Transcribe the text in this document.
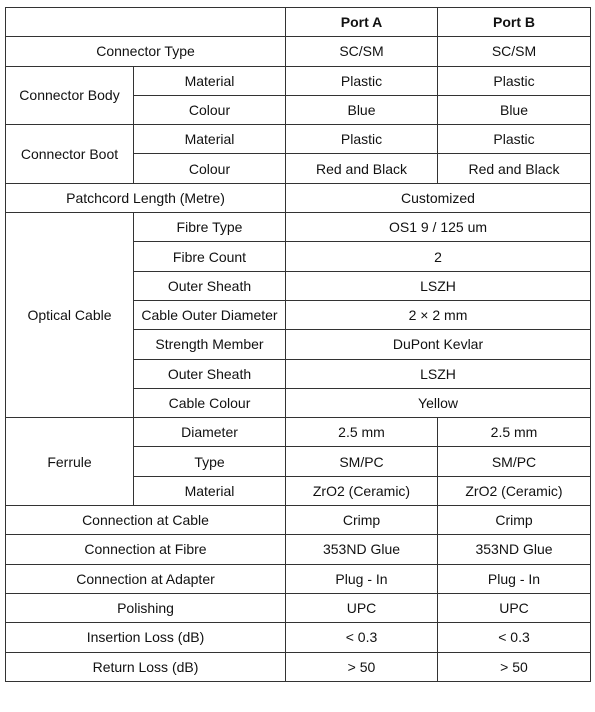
		Port A	Port B
Connector Type		SC/SM	SC/SM
Connector Body	Material	Plastic	Plastic
	Colour	Blue	Blue
Connector Boot	Material	Plastic	Plastic
	Colour	Red and Black	Red and Black
Patchcord Length (Metre)		Customized	
Optical Cable	Fibre Type	OS1 9 / 125 um	
	Fibre Count	2	
	Outer Sheath	LSZH	
	Cable Outer Diameter	2 × 2 mm	
	Strength Member	DuPont Kevlar	
	Outer Sheath	LSZH	
	Cable Colour	Yellow	
Ferrule	Diameter	2.5 mm	2.5 mm
	Type	SM/PC	SM/PC
	Material	ZrO2 (Ceramic)	ZrO2 (Ceramic)
Connection at Cable		Crimp	Crimp
Connection at Fibre		353ND Glue	353ND Glue
Connection at Adapter		Plug - In	Plug - In
Polishing		UPC	UPC
Insertion Loss (dB)		< 0.3	< 0.3
Return Loss (dB)		> 50	> 50
